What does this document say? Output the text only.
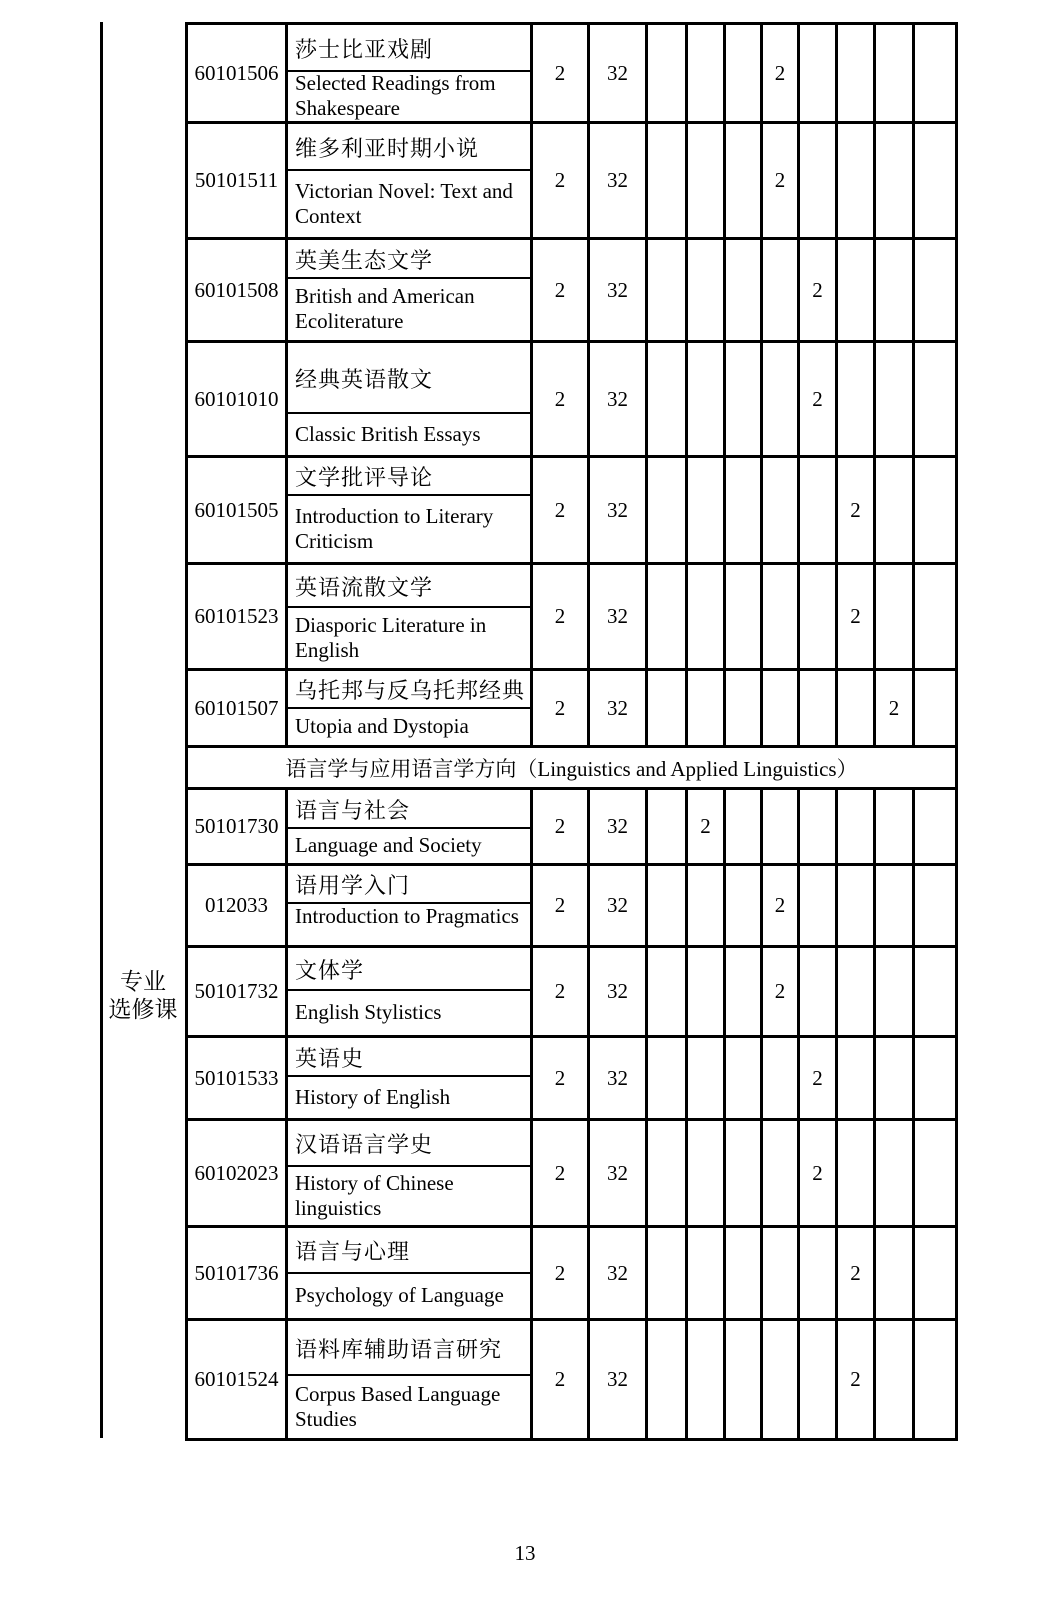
专业
选修课
60101506	莎士比亚戏剧
Selected Readings from Shakespeare	2	32				2				
50101511	维多利亚时期小说
Victorian Novel: Text and Context	2	32				2				
60101508	英美生态文学
British and American Ecoliterature	2	32					2			
60101010	经典英语散文
Classic British Essays	2	32					2			
60101505	文学批评导论
Introduction to Literary Criticism	2	32						2		
60101523	英语流散文学
Diasporic Literature in English	2	32						2		
60101507	乌托邦与反乌托邦经典
Utopia and Dystopia	2	32							2	
语言学与应用语言学方向（Linguistics and Applied Linguistics）											
50101730	语言与社会
Language and Society	2	32		2						
012033	语用学入门
Introduction to Pragmatics	2	32				2				
50101732	文体学
English Stylistics	2	32				2				
50101533	英语史
History of English	2	32					2			
60102023	汉语语言学史
History of Chinese linguistics	2	32					2			
50101736	语言与心理
Psychology of Language	2	32						2		
60101524	语料库辅助语言研究
Corpus Based Language Studies	2	32						2		
13
